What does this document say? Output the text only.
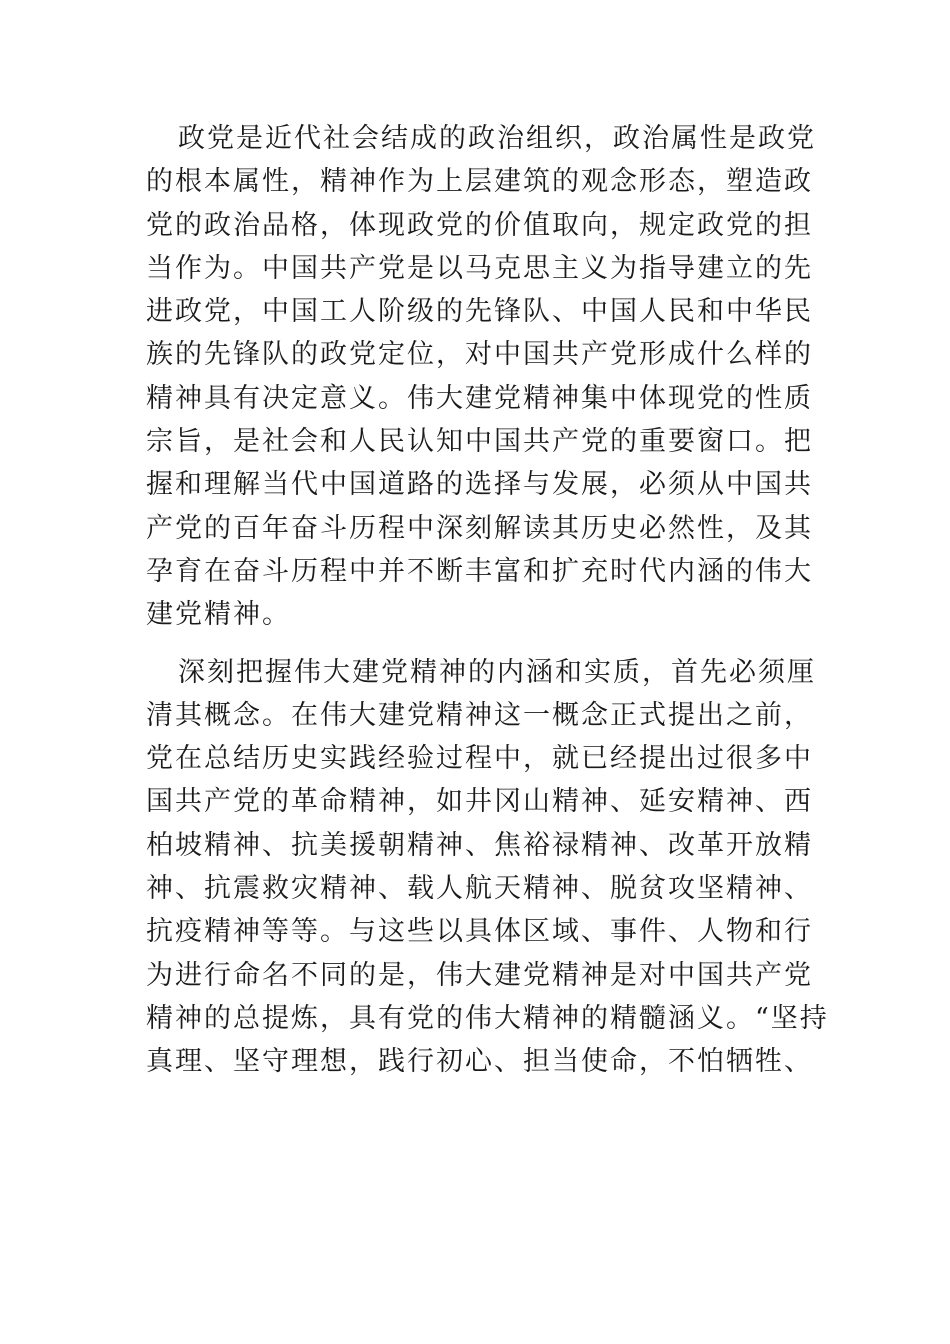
政党是近代社会结成的政治组织，政治属性是政党
的根本属性，精神作为上层建筑的观念形态，塑造政
党的政治品格，体现政党的价值取向，规定政党的担
当作为。中国共产党是以马克思主义为指导建立的先
进政党，中国工人阶级的先锋队、中国人民和中华民
族的先锋队的政党定位，对中国共产党形成什么样的
精神具有决定意义。伟大建党精神集中体现党的性质
宗旨，是社会和人民认知中国共产党的重要窗口。把
握和理解当代中国道路的选择与发展，必须从中国共
产党的百年奋斗历程中深刻解读其历史必然性，及其
孕育在奋斗历程中并不断丰富和扩充时代内涵的伟大
建党精神。
深刻把握伟大建党精神的内涵和实质，首先必须厘
清其概念。在伟大建党精神这一概念正式提出之前，
党在总结历史实践经验过程中，就已经提出过很多中
国共产党的革命精神，如井冈山精神、延安精神、西
柏坡精神、抗美援朝精神、焦裕禄精神、改革开放精
神、抗震救灾精神、载人航天精神、脱贫攻坚精神、
抗疫精神等等。与这些以具体区域、事件、人物和行
为进行命名不同的是，伟大建党精神是对中国共产党
精神的总提炼，具有党的伟大精神的精髓涵义。“坚持
真理、坚守理想，践行初心、担当使命，不怕牺牲、
